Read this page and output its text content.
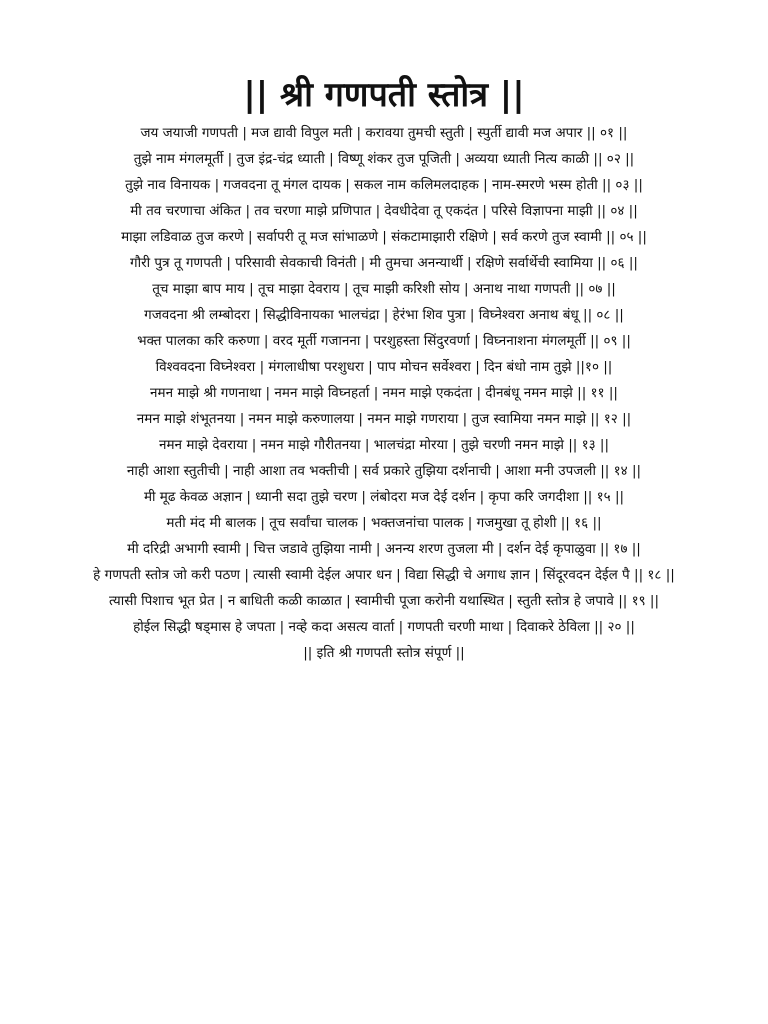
|| श्री गणपती स्तोत्र ||

जय जयाजी गणपती | मज द्यावी विपुल मती | करावया तुमची स्तुती | स्पुर्ती द्यावी मज अपार || ०१ ||

तुझे नाम मंगलमूर्ती | तुज इंद्र-चंद्र ध्याती | विष्णू शंकर तुज पूजिती | अव्यया ध्याती नित्य काळी || ०२ ||

तुझे नाव विनायक | गजवदना तू मंगल दायक | सकल नाम कलिमलदाहक | नाम-स्मरणे भस्म होती || ०३ ||

मी तव चरणाचा अंकित | तव चरणा माझे प्रणिपात | देवधीदेवा तू एकदंत | परिसे विज्ञापना माझी || ०४ ||

माझा लडिवाळ तुज करणे | सर्वापरी तू मज सांभाळणे | संकटामाझारी रक्षिणे | सर्व करणे तुज स्वामी || ०५ ||

गौरी पुत्र तू गणपती | परिसावी सेवकाची विनंती | मी तुमचा अनन्यार्थी | रक्षिणे सर्वार्थेची स्वामिया || ०६ ||

तूच माझा बाप माय | तूच माझा देवराय | तूच माझी करिशी सोय | अनाथ नाथा गणपती || ०७ ||

गजवदना श्री लम्बोदरा | सिद्धीविनायका भालचंद्रा | हेरंभा शिव पुत्रा | विघ्नेश्वरा अनाथ बंधू || ०८ ||

भक्त पालका करि करुणा | वरद मूर्ती गजानना | परशुहस्ता सिंदुरवर्णा | विघ्ननाशना मंगलमूर्ती || ०९ ||

विश्ववदना विघ्नेश्वरा | मंगलाधीषा परशुधरा | पाप मोचन सर्वेश्वरा | दिन बंधो नाम तुझे ||१० ||

नमन माझे श्री गणनाथा | नमन माझे विघ्नहर्ता | नमन माझे एकदंता | दीनबंधू नमन माझे || ११ ||

नमन माझे शंभूतनया | नमन माझे करुणालया | नमन माझे गणराया | तुज स्वामिया नमन माझे || १२ ||

नमन माझे देवराया | नमन माझे गौरीतनया | भालचंद्रा मोरया | तुझे चरणी नमन माझे || १३ ||

नाही आशा स्तुतीची | नाही आशा तव भक्तीची | सर्व प्रकारे तुझिया दर्शनाची | आशा मनी उपजली || १४ ||

मी मूढ केवळ अज्ञान | ध्यानी सदा तुझे चरण | लंबोदरा मज देई दर्शन | कृपा करि जगदीशा || १५ ||

मती मंद मी बालक | तूच सर्वांचा चालक | भक्तजनांचा पालक | गजमुखा तू होशी || १६ ||

मी दरिद्री अभागी स्वामी | चित्त जडावे तुझिया नामी | अनन्य शरण तुजला मी | दर्शन देई कृपाळुवा || १७ ||

हे गणपती स्तोत्र जो करी पठण | त्यासी स्वामी देईल अपार धन | विद्या सिद्धी चे अगाध ज्ञान | सिंदूरवदन देईल पै || १८ ||

त्यासी पिशाच भूत प्रेत | न बाधिती कळी काळात | स्वामीची पूजा करोनी यथास्थित | स्तुती स्तोत्र हे जपावे || १९ ||

होईल सिद्धी षड्मास हे जपता | नव्हे कदा असत्य वार्ता | गणपती चरणी माथा | दिवाकरे ठेविला || २० ||

|| इति श्री गणपती स्तोत्र संपूर्ण ||
